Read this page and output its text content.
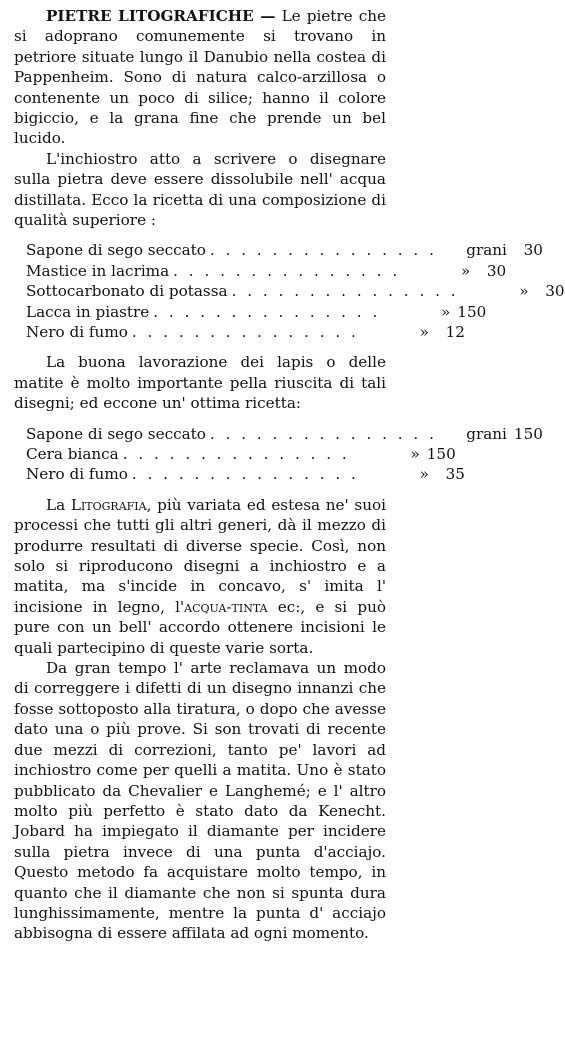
PIETRE LITOGRAFICHE — Le pietre che si adoprano comunemente si trovano in petriore situate lungo il Danubio nella costea di Pappenheim. Sono di natura calco-arzillosa o contenente un poco di silice; hanno il colore bigiccio, e la grana fine che prende un bel lucido.

L'inchiostro atto a scrivere o disegnare sulla pietra deve essere dissolubile nell' acqua distillata. Ecco la ricetta di una composizione di qualità superiore :

Sapone di sego seccato . . . . . . . . . . . . . . .	grani	30
Mastice in lacrima . . . . . . . . . . . . . . .	»	30
Sottocarbonato di potassa . . . . . . . . . . . . . . .	»	30
Lacca in piastre . . . . . . . . . . . . . . .	» 150
Nero di fumo . . . . . . . . . . . . . . .	»	12

La buona lavorazione dei lapis o delle matite è molto importante pella riuscita di tali disegni; ed eccone un' ottima ricetta:

Sapone di sego seccato . . . . . . . . . . . . . . .	grani 150
Cera bianca . . . . . . . . . . . . . . .	» 150
Nero di fumo . . . . . . . . . . . . . . .	»	35

La Litografia, più variata ed estesa ne' suoi processi che tutti gli altri generi, dà il mezzo di produrre resultati di diverse specie. Così, non solo si riproducono disegni a inchiostro e a matita, ma s'incide in concavo, s' imita l' incisione in legno, l'acqua-tinta ec:, e si può pure con un bell' accordo ottenere incisioni le quali partecipino di queste varie sorta.

Da gran tempo l' arte reclamava un modo di correggere i difetti di un disegno innanzi che fosse sottoposto alla tiratura, o dopo che avesse dato una o più prove. Si son trovati di recente due mezzi di correzioni, tanto pe' lavori ad inchiostro come per quelli a matita. Uno è stato pubblicato da Chevalier e Langhemé; e l' altro molto più perfetto è stato dato da Kenecht. Jobard ha impiegato il diamante per incidere sulla pietra invece di una punta d'acciajo. Questo metodo fa acquistare molto tempo, in quanto che il diamante che non si spunta dura lunghissimamente, mentre la punta d' acciajo abbisogna di essere affilata ad ogni momento.
